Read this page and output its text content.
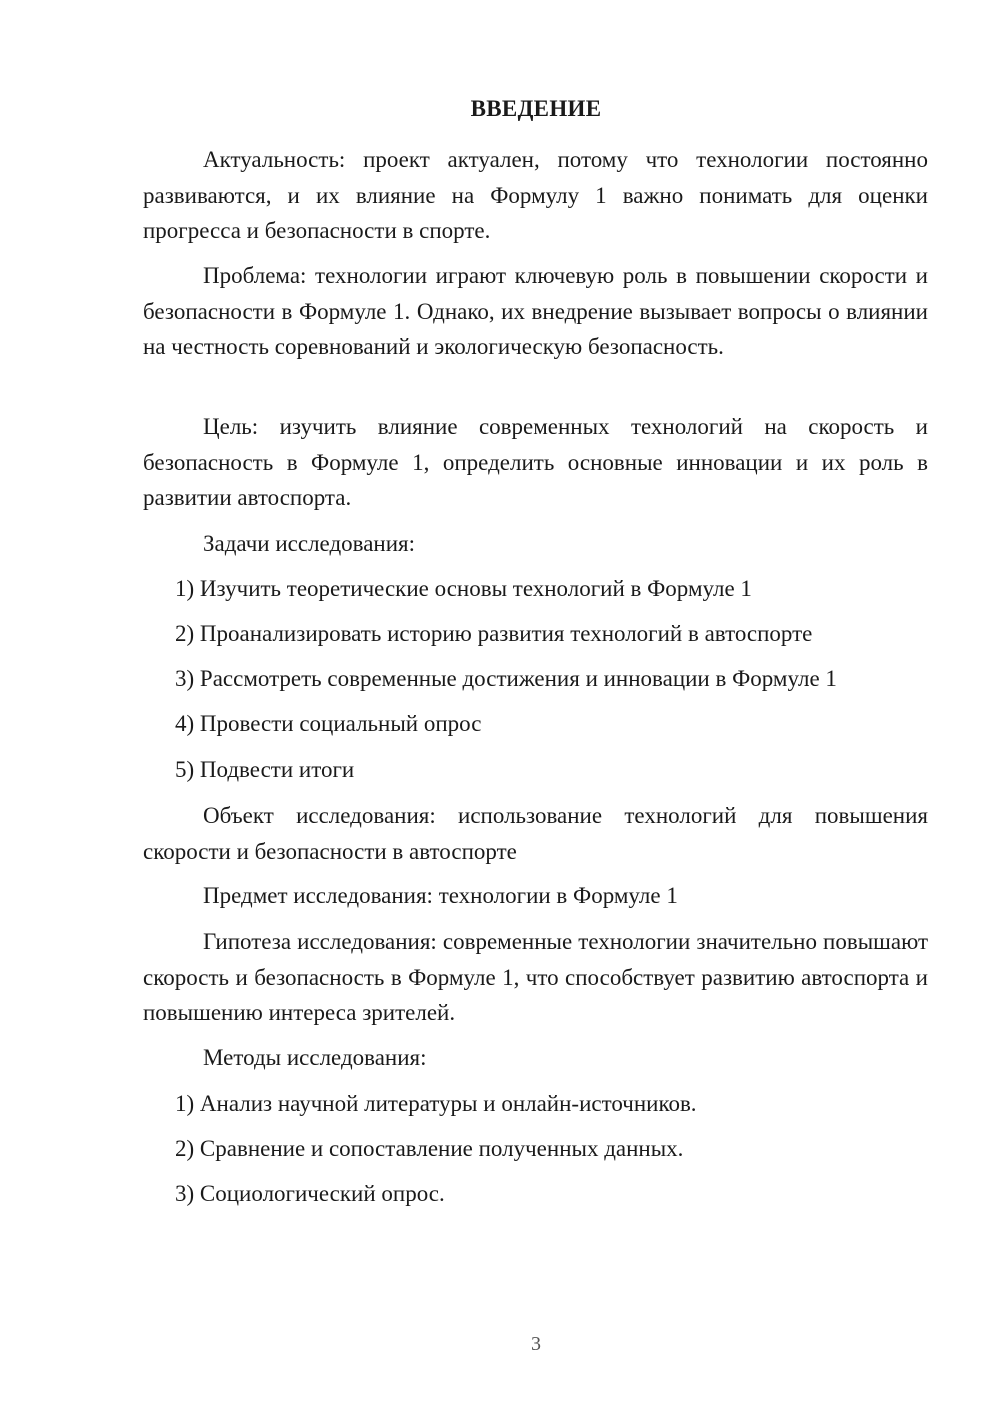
ВВЕДЕНИЕ

Актуальность: проект актуален, потому что технологии постоянно развиваются, и их влияние на Формулу 1 важно понимать для оценки прогресса и безопасности в спорте.

Проблема: технологии играют ключевую роль в повышении скорости и безопасности в Формуле 1. Однако, их внедрение вызывает вопросы о влиянии на честность соревнований и экологическую безопасность.

Цель: изучить влияние современных технологий на скорость и безопасность в Формуле 1, определить основные инновации и их роль в развитии автоспорта.

Задачи исследования:

1) Изучить теоретические основы технологий в Формуле 1

2) Проанализировать историю развития технологий в автоспорте

3) Рассмотреть современные достижения и инновации в Формуле 1

4) Провести социальный опрос

5) Подвести итоги

Объект исследования: использование технологий для повышения скорости и безопасности в автоспорте

Предмет исследования: технологии в Формуле 1

Гипотеза исследования: современные технологии значительно повышают скорость и безопасность в Формуле 1, что способствует развитию автоспорта и повышению интереса зрителей.

Методы исследования:

1) Анализ научной литературы и онлайн-источников.

2) Сравнение и сопоставление полученных данных.

3) Социологический опрос.

3
